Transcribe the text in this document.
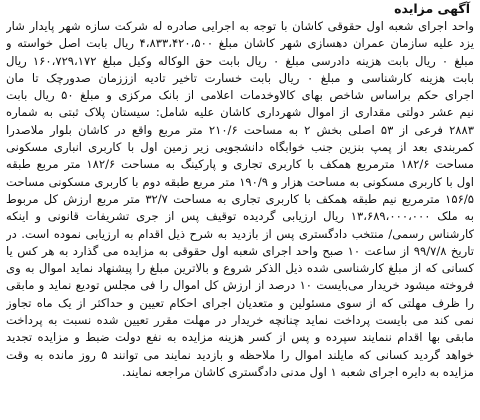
آگهی مزایده
واحد اجرای شعبه اول حقوقی کاشان با توجه به اجرایی صادره له شرکت سازه شهر پایدار شار
یزد علیه سازمان عمران دهسازی شهر کاشان مبلغ ۴،۸۳۳،۴۲۰،۵۰۰ ریال بابت اصل خواسته و
مبلغ ۰ ریال بابت هزینه دادرسی مبلغ ۰ ریال بابت حق الوکاله وکیل مبلغ ۱۶۰،۷۲۹،۱۷۲ ریال
بابت هزینه کارشناسی و مبلغ ۰ ریال بابت خسارت تاخیر تادیه ازززمان صدورچک تا مان
اجرای حکم براساس شاخص بهای کالاوخدمات اعلامی از بانک مرکزی و مبلغ ۵۰ ریال بابت
نیم عشر دولتی مقداری از اموال شهرداری کاشان علیه شامل: سیستان پلاک ثبتی به شماره
۲۸۸۳ فرعی از ۵۳ اصلی بخش ۲ به مساحت ۲۱۰/۶ متر مربع واقع در کاشان بلوار ملاصدرا
کمربندی بعد از پمپ بنزین جنب خوابگاه دانشجویی زیر زمین اول با کاربری انباری مسکونی
مساحت ۱۸۲/۶ مترمربع همکف با کاربری تجاری و پارکینگ به مساحت ۱۸۲/۶ متر مربع طبقه
اول با کاربری مسکونی به مساحت هزار و ۱۹۰/۹ متر مربع طبقه دوم با کاربری مسکونی مساحت
۱۵۶/۵ مترمربع نیم طبقه همکف با کاربری تجاری به مساحت ۳۲/۷ متر مربع ارزش کل مربوط
به ملک ۱۳،۶۸۹،۰۰۰،۰۰۰ ریال ارزیابی گردیده توقیف پس از جری تشریفات قانونی و اینکه
کارشناس رسمی/ منتخب دادگستری پس از بازدید به شرح ذیل اقدام به ارزیابی نموده است. در
تاریخ ۹۹/۷/۸ از ساعت ۱۰ صبح واحد اجرای شعبه اول حقوقی به مزایده می گذارد به هر کس یا
کسانی که از مبلغ کارشناسی شده ذیل الذکر شروع و بالاترین مبلغ را پیشنهاد نماید اموال به وی
فروخته میشود خریدار می‌بایست ۱۰ درصد از ارزش کل اموال را فی مجلس تودیع نماید و مابقی
را ظرف مهلتی که از سوی مسئولین و متعدیان اجرای احکام تعیین و حداکثر از یک ماه تجاوز
نمی کند می بایست پرداخت نماید چنانچه خریدار در مهلت مقرر تعیین شده نسبت به پرداخت
مابقی بها اقدام ننمایند سپرده و پس از کسر هزینه مزایده به نفع دولت ضبط و مزایده تجدید
خواهد گردید کسانی که مایلند اموال را ملاحظه و بازدید نمایند می توانند ۵ روز مانده به وقت
مزایده به دایره اجرای شعبه ۱ اول مدنی دادگستری کاشان مراجعه نمایند.
